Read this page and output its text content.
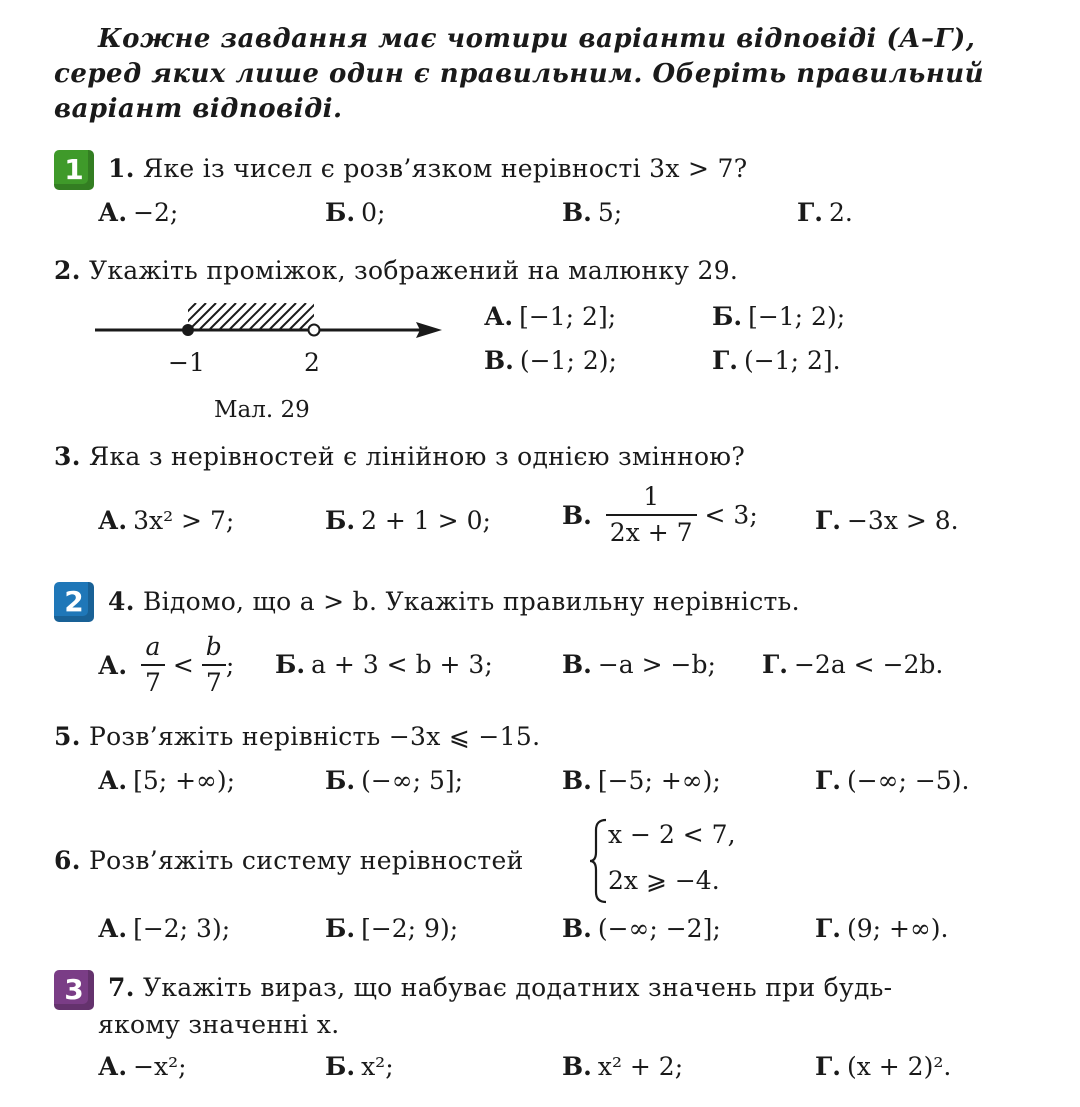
Кожне завдання має чотири варіанти відповіді (А–Г),
серед яких лише один є правильним. Оберіть правильний
варіант відповіді.
1 1. Яке із чисел є розв’язком нерівності 3x > 7?
А. −2;	Б. 0;	В. 5;	Г. 2.
2. Укажіть проміжок, зображений на малюнку 29.
−1	2
Мал. 29
А. [−1; 2];	Б. [−1; 2);
В. (−1; 2);	Г. (−1; 2].
3. Яка з нерівностей є лінійною з однією змінною?
А. 3x² > 7;	Б. 2 + 1 > 0;	В. $\frac{1}{2x + 7} < 3$; Г. −3x > 8.
2 4. Відомо, що a > b. Укажіть правильну нерівність.
А. $\frac{a}{7} < \frac{b}{7}$ ; Б. a + 3 < b + 3;	В. −a > −b; Г. −2a < −2b.
5. Розв’яжіть нерівність −3x ⩽ −15.
А. [5; +∞);	Б. (−∞; 5];	В. [−5; +∞);	Г. (−∞; −5).
6. Розв’яжіть систему нерівностей
x − 2 < 7,
2x ⩾ −4.
А. [−2; 3);	Б. [−2; 9);	В. (−∞; −2];	Г. (9; +∞).
3 7. Укажіть вираз, що набуває додатних значень при будь-
якому значенні x.
А. −x²;	Б. x²;	В. x² + 2;	Г. (x + 2)².
